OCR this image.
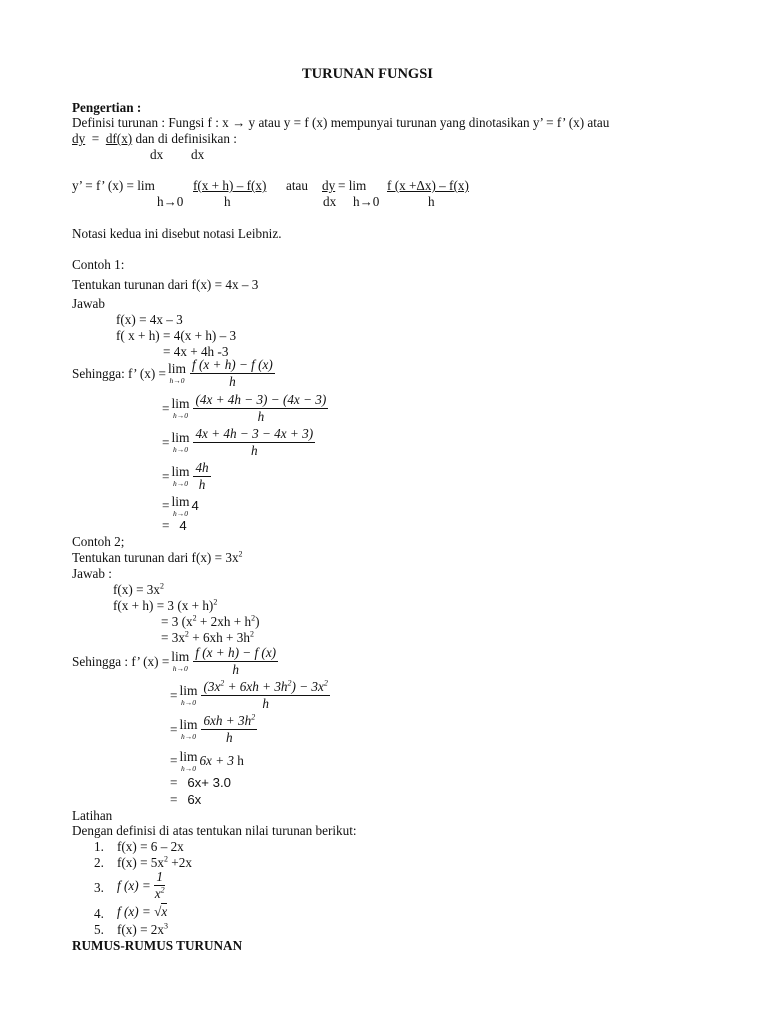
TURUNAN FUNGSI
Pengertian :
Definisi turunan : Fungsi f : x → y atau y = f (x) mempunyai turunan yang dinotasikan y’ = f’ (x) atau
dy = df(x) dan di definisikan :
dx dx
y’ = f’ (x) = lim	f(x + h) – f(x) atau dy = lim f (x +Δx) – f(x)
h→0	h	dx h→0	h
Notasi kedua ini disebut notasi Leibniz.
Contoh 1:
Tentukan turunan dari f(x) = 4x – 3
Jawab
f(x) = 4x – 3
f( x + h) = 4(x + h) – 3
= 4x + 4h -3
Sehingga: f’ (x) = lim
$h\to 0 \frac{f (x + h) - f (x)}{h}$
= lim
$h\to 0 \frac{(4x + 4h - 3) - (4x - 3)}{h}$
= lim
$h\to 0 \frac{4x + 4h - 3 - 4x + 3)}{h}$
= lim
$h\to 0 \frac{4h}{h}$
= lim
h→0 4
= 4
Contoh 2;
Tentukan turunan dari $f(x) = 3x^2$
Jawab :
$f(x) = 3x^2$
f(x + h) = 3 $(x + h)^2$
= 3 $(x^2 + 2xh + h^2)$
= $3x^2 + 6xh + 3h^2$
Sehingga : f’ (x) = lim
$h\to 0 \frac{f (x + h) - f (x)}{h}$
= lim
$h\to 0 \frac{(3x^2 + 6xh + 3h^2) - 3x^2}{h}$
= lim
$h\to 0 \frac{6xh + 3h^2}{h}$
= lim
h→0 6x + 3
h
= 6x+ 3.0
= 6x
Latihan
Dengan definisi di atas tentukan nilai turunan berikut:
1. f(x) = 6 – 2x
2. $f(x) = 5x^2 +2x$
3. f $(x) = \frac{1}{x^2}$
4. f (x) = √x
5. $f(x) = 2x^3$
RUMUS-RUMUS TURUNAN
